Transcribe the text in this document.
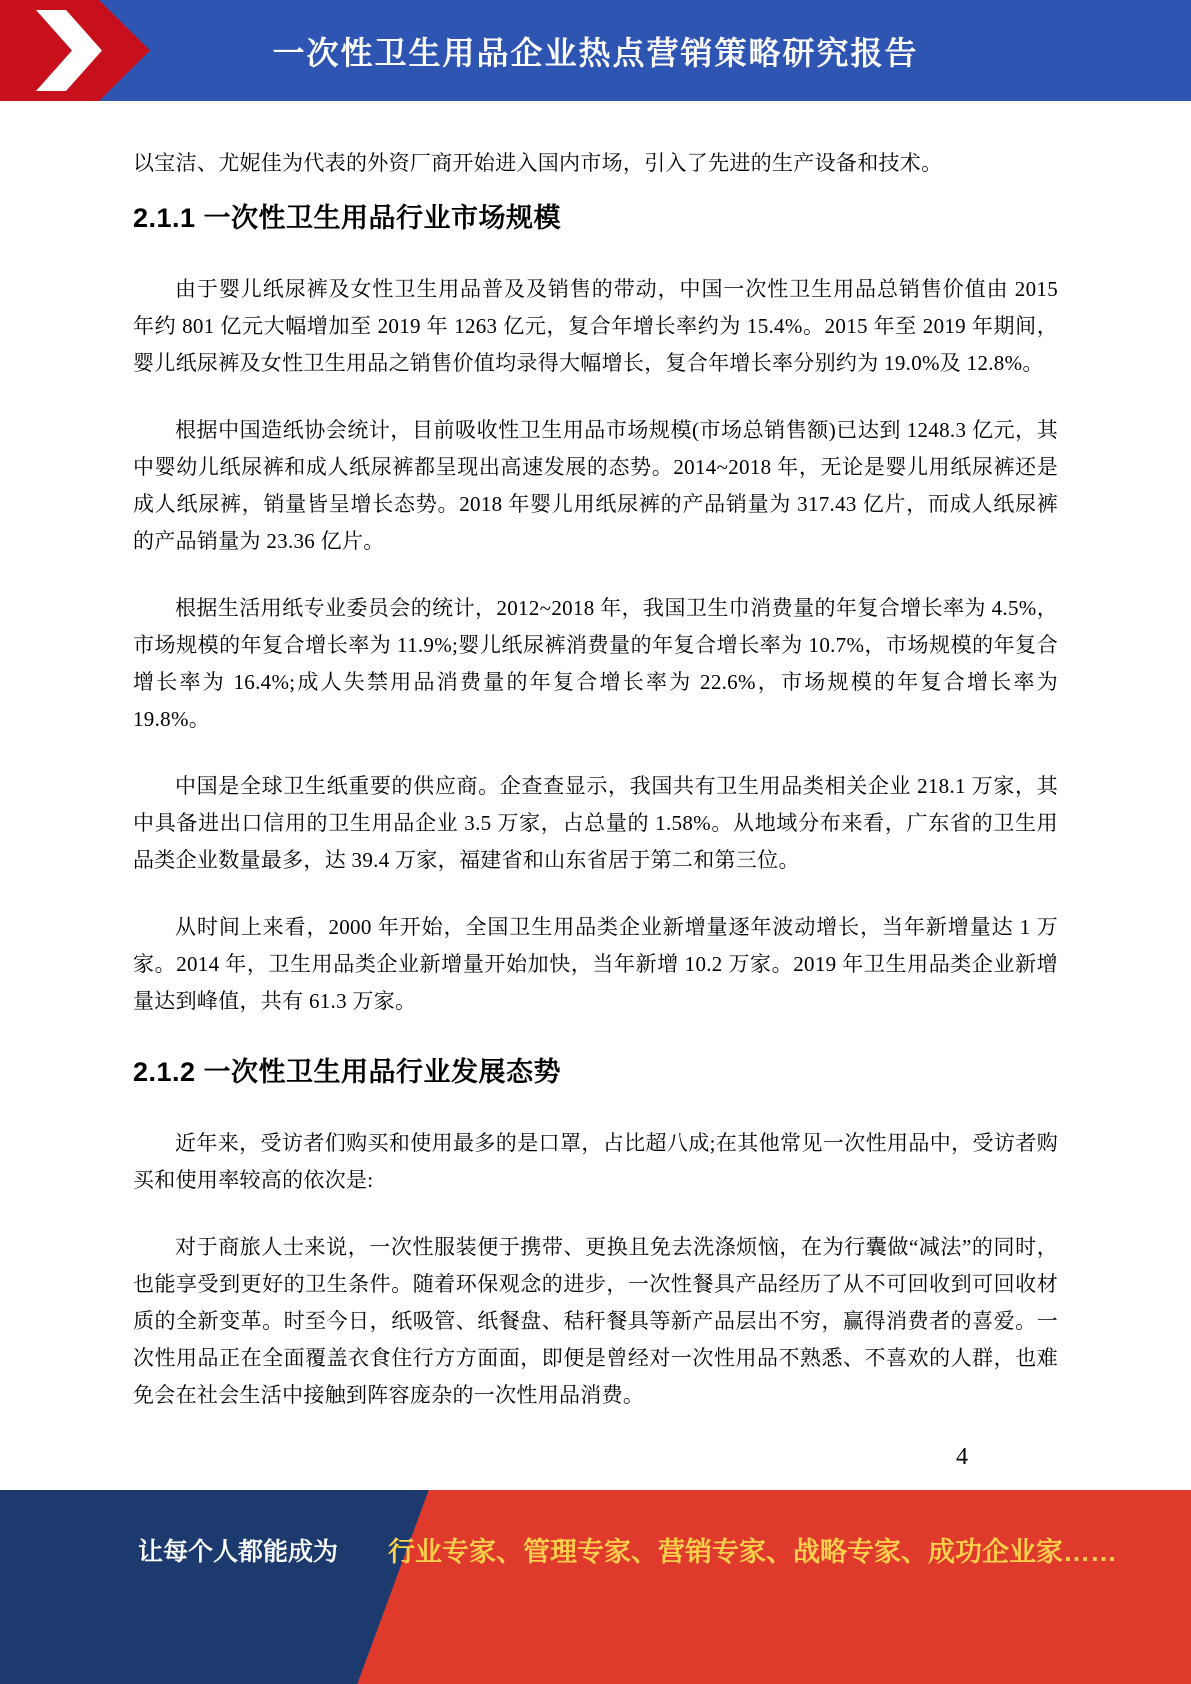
一次性卫生用品企业热点营销策略研究报告

以宝洁、尤妮佳为代表的外资厂商开始进入国内市场，引入了先进的生产设备和技术。

2.1.1 一次性卫生用品行业市场规模

由于婴儿纸尿裤及女性卫生用品普及及销售的带动，中国一次性卫生用品总销售价值由 2015 年约 801 亿元大幅增加至 2019 年 1263 亿元，复合年增长率约为 15.4%。2015 年至 2019 年期间，婴儿纸尿裤及女性卫生用品之销售价值均录得大幅增长，复合年增长率分别约为 19.0%及 12.8%。

根据中国造纸协会统计，目前吸收性卫生用品市场规模(市场总销售额)已达到 1248.3 亿元，其中婴幼儿纸尿裤和成人纸尿裤都呈现出高速发展的态势。2014~2018 年，无论是婴儿用纸尿裤还是成人纸尿裤，销量皆呈增长态势。2018 年婴儿用纸尿裤的产品销量为 317.43 亿片，而成人纸尿裤的产品销量为 23.36 亿片。

根据生活用纸专业委员会的统计，2012~2018 年，我国卫生巾消费量的年复合增长率为 4.5%，市场规模的年复合增长率为 11.9%;婴儿纸尿裤消费量的年复合增长率为 10.7%，市场规模的年复合增长率为 16.4%;成人失禁用品消费量的年复合增长率为 22.6%，市场规模的年复合增长率为 19.8%。

中国是全球卫生纸重要的供应商。企查查显示，我国共有卫生用品类相关企业 218.1 万家，其中具备进出口信用的卫生用品企业 3.5 万家，占总量的 1.58%。从地域分布来看，广东省的卫生用品类企业数量最多，达 39.4 万家，福建省和山东省居于第二和第三位。

从时间上来看，2000 年开始，全国卫生用品类企业新增量逐年波动增长，当年新增量达 1 万家。2014 年，卫生用品类企业新增量开始加快，当年新增 10.2 万家。2019 年卫生用品类企业新增量达到峰值，共有 61.3 万家。

2.1.2 一次性卫生用品行业发展态势

近年来，受访者们购买和使用最多的是口罩，占比超八成;在其他常见一次性用品中，受访者购买和使用率较高的依次是:

对于商旅人士来说，一次性服装便于携带、更换且免去洗涤烦恼，在为行囊做“减法”的同时，也能享受到更好的卫生条件。随着环保观念的进步，一次性餐具产品经历了从不可回收到可回收材质的全新变革。时至今日，纸吸管、纸餐盘、秸秆餐具等新产品层出不穷，赢得消费者的喜爱。一次性用品正在全面覆盖衣食住行方方面面，即便是曾经对一次性用品不熟悉、不喜欢的人群，也难免会在社会生活中接触到阵容庞杂的一次性用品消费。

4
让每个人都能成为 行业专家、管理专家、营销专家、战略专家、成功企业家……
